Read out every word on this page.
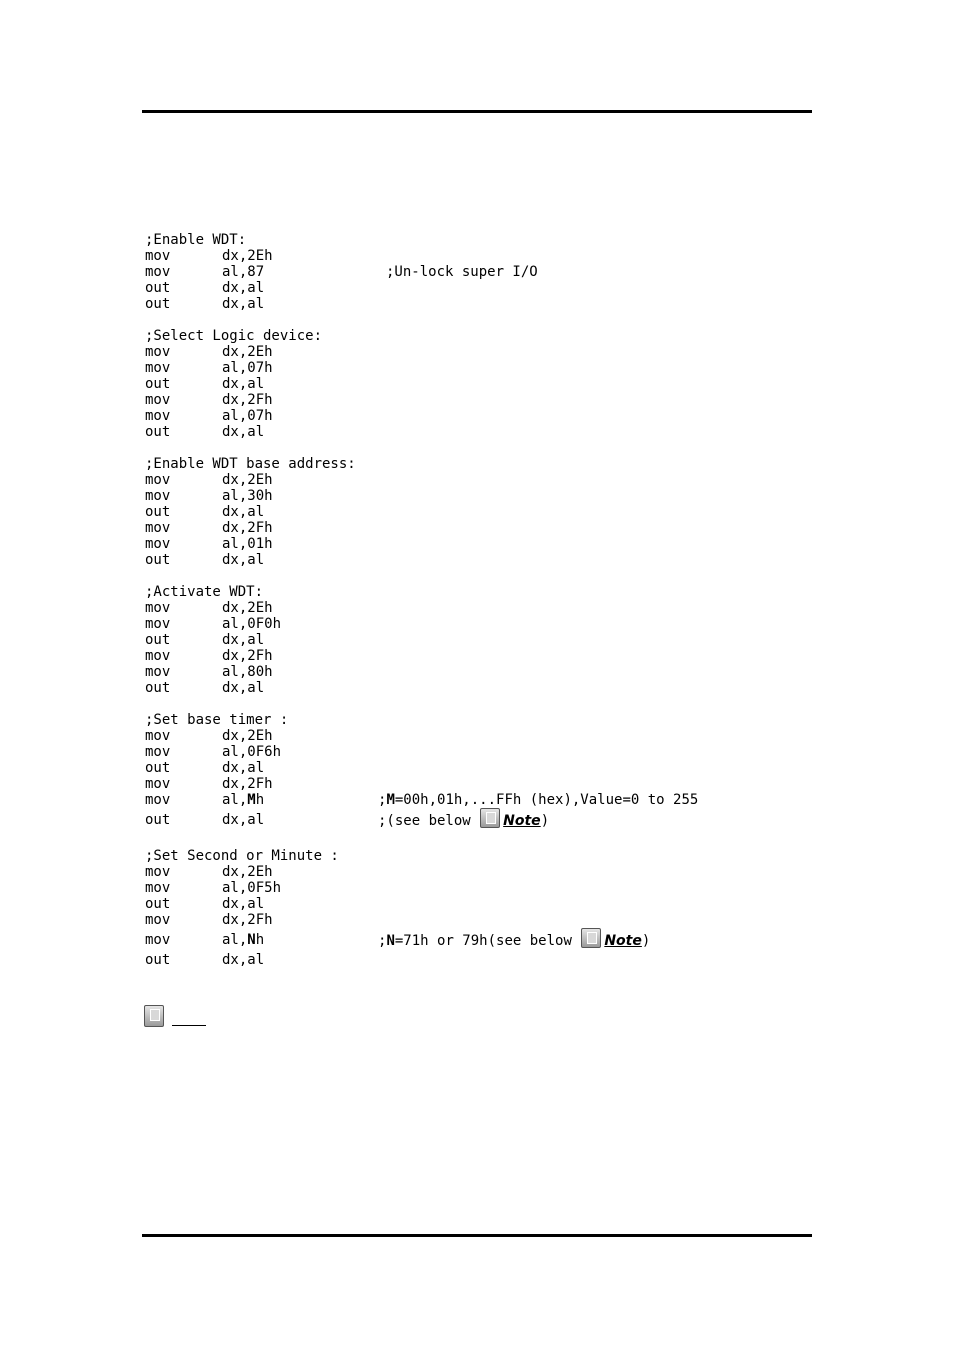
;Enable WDT:
mov	dx,2Eh
mov	al,87	;Un-lock super I/O
out	dx,al
out	dx,al
;Select Logic device:
mov	dx,2Eh
mov	al,07h
out	dx,al
mov	dx,2Fh
mov	al,07h
out	dx,al
;Enable WDT base address:
mov	dx,2Eh
mov	al,30h
out	dx,al
mov	dx,2Fh
mov	al,01h
out	dx,al
;Activate WDT:
mov	dx,2Eh
mov	al,0F0h
out	dx,al
mov	dx,2Fh
mov	al,80h
out	dx,al
;Set base timer :
mov	dx,2Eh
mov	al,0F6h
out	dx,al
mov	dx,2Fh
mov	al,Mh	;M=00h,01h,...FFh (hex),Value=0 to 255
out	dx,al	;(see below Note)
;Set Second or Minute :
mov	dx,2Eh
mov	al,0F5h
out	dx,al
mov	dx,2Fh
mov	al,Nh	;N=71h or 79h(see below Note)
out	dx,al
